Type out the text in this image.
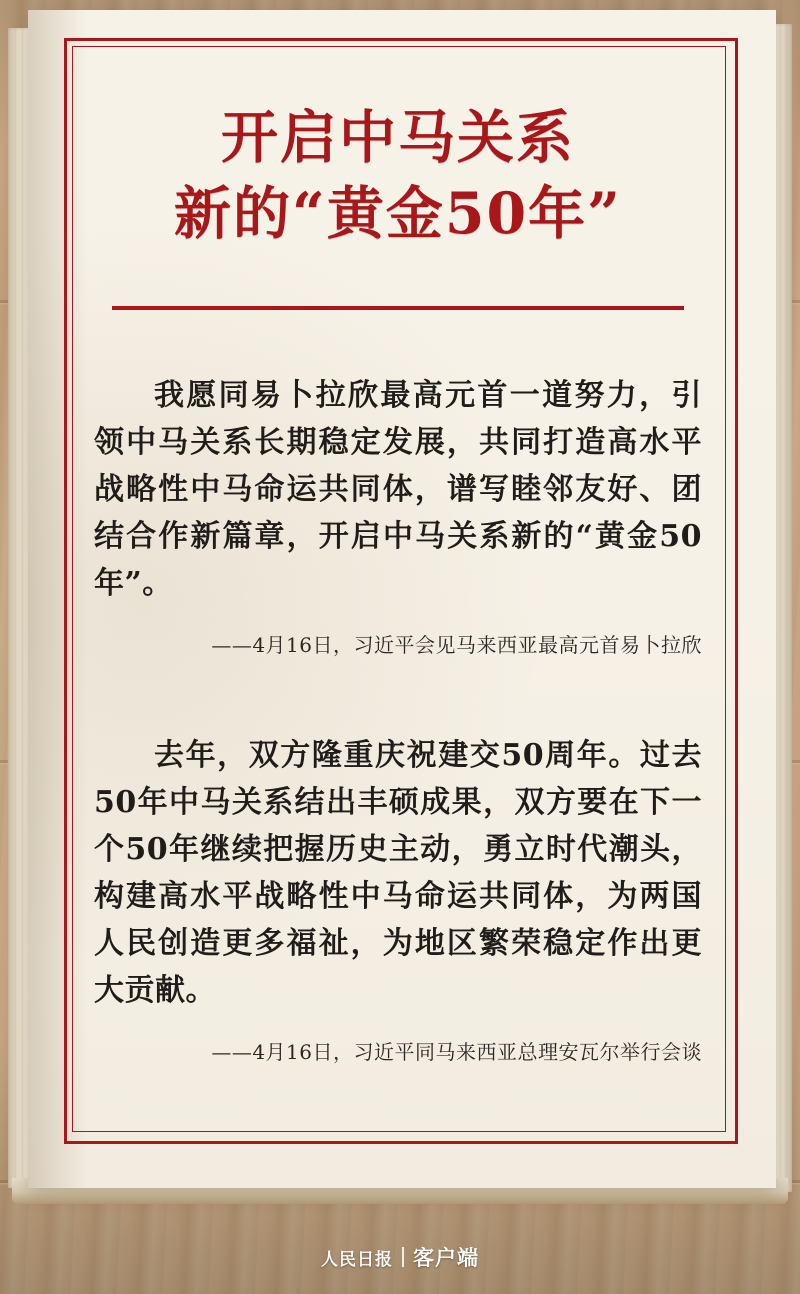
开启中马关系
新的“黄金50年”
我愿同易卜拉欣最高元首一道努力，引领中马关系长期稳定发展，共同打造高水平战略性中马命运共同体，谱写睦邻友好、团结合作新篇章，开启中马关系新的“黄金50年”。
——4月16日，习近平会见马来西亚最高元首易卜拉欣
去年，双方隆重庆祝建交50周年。过去50年中马关系结出丰硕成果，双方要在下一个50年继续把握历史主动，勇立时代潮头，构建高水平战略性中马命运共同体，为两国人民创造更多福祉，为地区繁荣稳定作出更大贡献。
——4月16日，习近平同马来西亚总理安瓦尔举行会谈
人民日报 客户端
